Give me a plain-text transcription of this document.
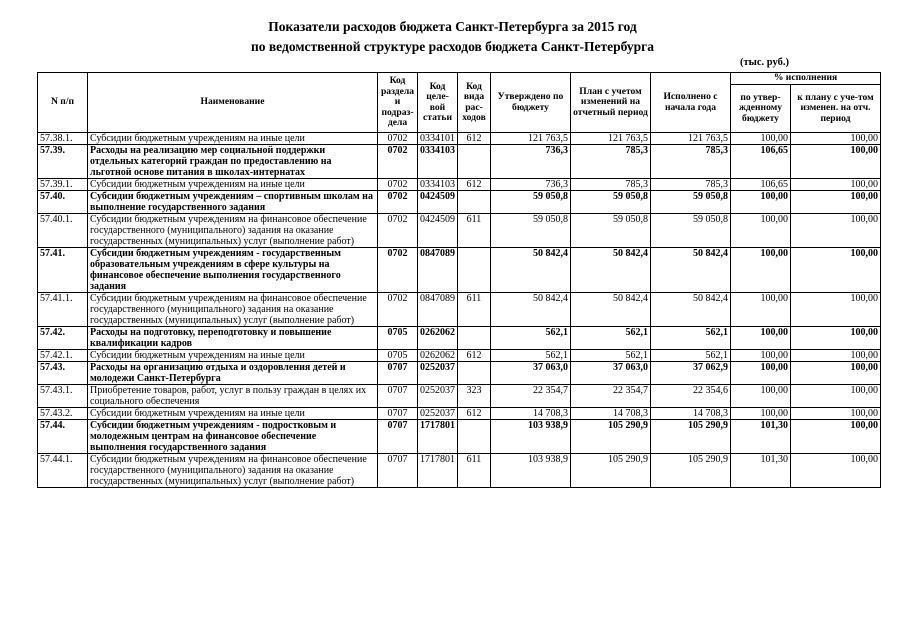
Показатели расходов бюджета Санкт-Петербурга за 2015 год
по ведомственной структуре расходов бюджета Санкт-Петербурга
(тыс. руб.)
N п/п	Наименование	Код раздела и подраз-дела	Код целе-вой статьи	Код вида рас-ходов	Утверждено по бюджету	План с учетом изменений на отчетный период	Исполнено с начала года	% исполнения	
								по утвер-жденному бюджету	к плану с уче-том изменен. на отч. период
57.38.1.	Субсидии бюджетным учреждениям на иные цели	0702	0334101	612	121 763,5	121 763,5	121 763,5	100,00	100,00
57.39.	Расходы на реализацию мер социальной поддержки отдельных категорий граждан по предоставлению на льготной основе питания в школах-интернатах	0702	0334103		736,3	785,3	785,3	106,65	100,00
57.39.1.	Субсидии бюджетным учреждениям на иные цели	0702	0334103	612	736,3	785,3	785,3	106,65	100,00
57.40.	Субсидии бюджетным учреждениям – спортивным школам на выполнение государственного задания	0702	0424509		59 050,8	59 050,8	59 050,8	100,00	100,00
57.40.1.	Субсидии бюджетным учреждениям на финансовое обеспечение государственного (муниципального) задания на оказание государственных (муниципальных) услуг (выполнение работ)	0702	0424509	611	59 050,8	59 050,8	59 050,8	100,00	100,00
57.41.	Субсидии бюджетным учреждениям - государственным образовательным учреждениям в сфере культуры на финансовое обеспечение выполнения государственного задания	0702	0847089		50 842,4	50 842,4	50 842,4	100,00	100,00
57.41.1.	Субсидии бюджетным учреждениям на финансовое обеспечение государственного (муниципального) задания на оказание государственных (муниципальных) услуг (выполнение работ)	0702	0847089	611	50 842,4	50 842,4	50 842,4	100,00	100,00
57.42.	Расходы на подготовку, переподготовку и повышение квалификации кадров	0705	0262062		562,1	562,1	562,1	100,00	100,00
57.42.1.	Субсидии бюджетным учреждениям на иные цели	0705	0262062	612	562,1	562,1	562,1	100,00	100,00
57.43.	Расходы на организацию отдыха и оздоровления детей и молодежи Санкт-Петербурга	0707	0252037		37 063,0	37 063,0	37 062,9	100,00	100,00
57.43.1.	Приобретение товаров, работ, услуг в пользу граждан в целях их социального обеспечения	0707	0252037	323	22 354,7	22 354,7	22 354,6	100,00	100,00
57.43.2.	Субсидии бюджетным учреждениям на иные цели	0707	0252037	612	14 708,3	14 708,3	14 708,3	100,00	100,00
57.44.	Субсидии бюджетным учреждениям - подростковым и молодежным центрам на финансовое обеспечение выполнения государственного задания	0707	1717801		103 938,9	105 290,9	105 290,9	101,30	100,00
57.44.1.	Субсидии бюджетным учреждениям на финансовое обеспечение государственного (муниципального) задания на оказание государственных (муниципальных) услуг (выполнение работ)	0707	1717801	611	103 938,9	105 290,9	105 290,9	101,30	100,00
